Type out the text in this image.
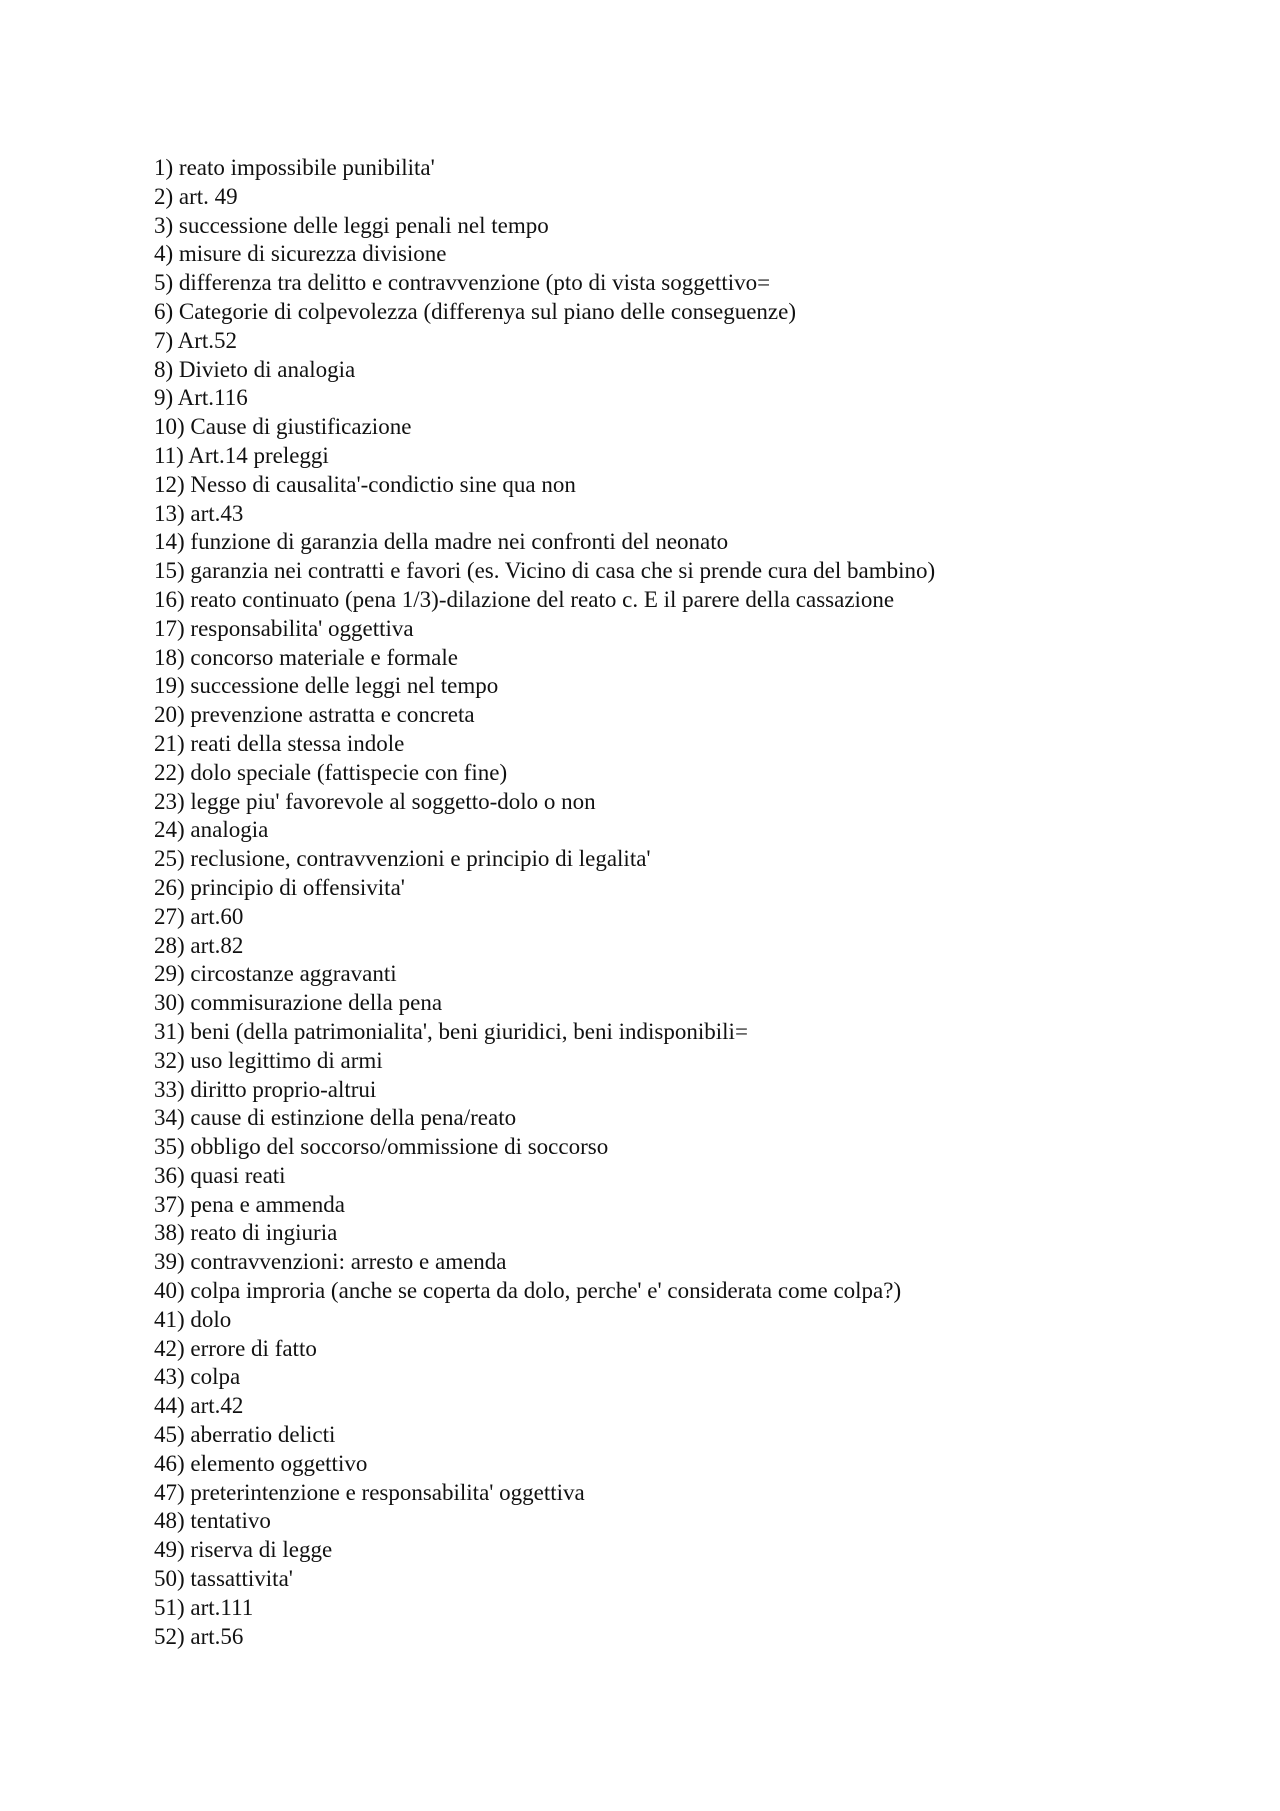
1) reato impossibile punibilita'
2) art. 49
3) successione delle leggi penali nel tempo
4) misure di sicurezza divisione
5) differenza tra delitto e contravvenzione (pto di vista soggettivo=
6) Categorie di colpevolezza (differenya sul piano delle conseguenze)
7) Art.52
8) Divieto di analogia
9) Art.116
10) Cause di giustificazione
11) Art.14 preleggi
12) Nesso di causalita'-condictio sine qua non
13) art.43
14) funzione di garanzia della madre nei confronti del neonato
15) garanzia nei contratti e favori (es. Vicino di casa che si prende cura del bambino)
16) reato continuato (pena 1/3)-dilazione del reato c. E il parere della cassazione
17) responsabilita' oggettiva
18) concorso materiale e formale
19) successione delle leggi nel tempo
20) prevenzione astratta e concreta
21) reati della stessa indole
22) dolo speciale (fattispecie con fine)
23) legge piu' favorevole al soggetto-dolo o non
24) analogia
25) reclusione, contravvenzioni e principio di legalita'
26) principio di offensivita'
27) art.60
28) art.82
29) circostanze aggravanti
30) commisurazione della pena
31) beni (della patrimonialita', beni giuridici, beni indisponibili=
32) uso legittimo di armi
33) diritto proprio-altrui
34) cause di estinzione della pena/reato
35) obbligo del soccorso/ommissione di soccorso
36) quasi reati
37) pena e ammenda
38) reato di ingiuria
39) contravvenzioni: arresto e amenda
40) colpa improria (anche se coperta da dolo, perche' e' considerata come colpa?)
41) dolo
42) errore di fatto
43) colpa
44) art.42
45) aberratio delicti
46) elemento oggettivo
47) preterintenzione e responsabilita' oggettiva
48) tentativo
49) riserva di legge
50) tassattivita'
51) art.111
52) art.56
